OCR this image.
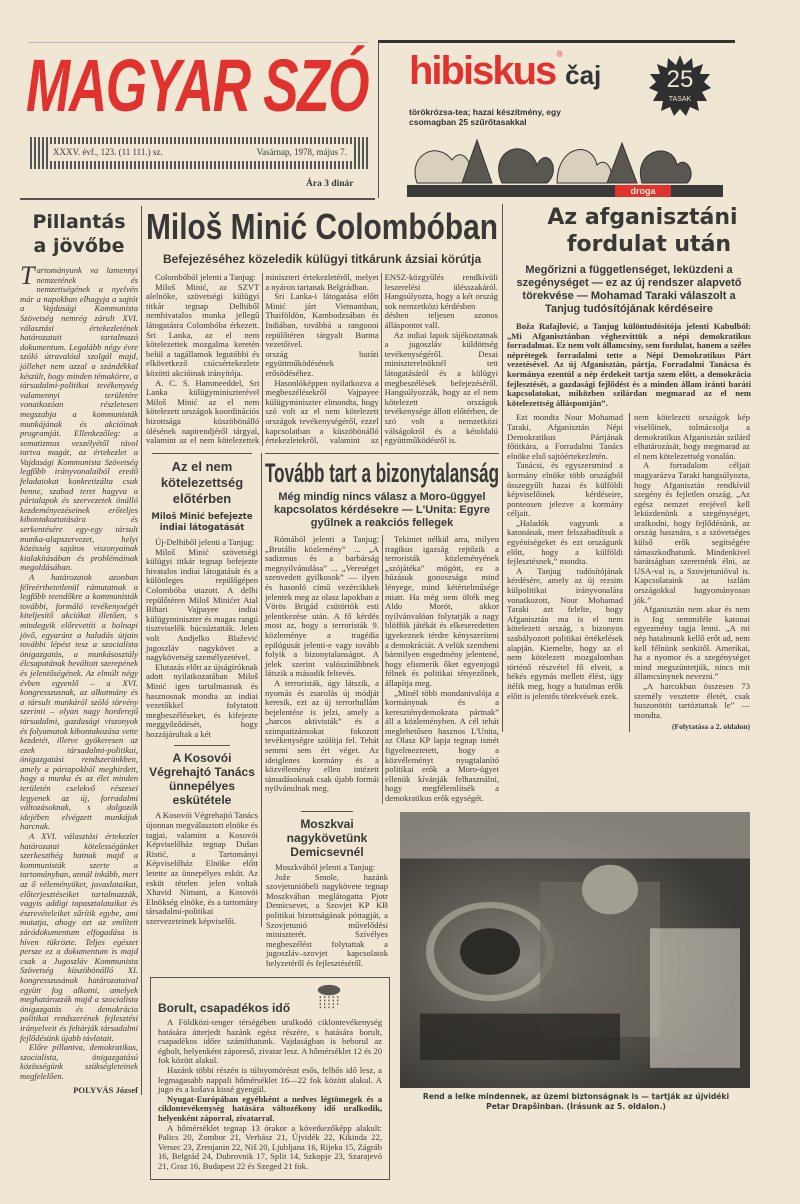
MAGYAR SZÓ
XXXV. évf., 123. (11 111.) sz.	Vasárnap, 1978, május 7.
Ára 3 dinár
hibiskus®čaj
törökrózsa-tea; hazai készítmény, egy csomagban 25 szűrőtasakkal
25
TASAK
droga
Pillantás
a jövőbe

Tartományunk va lamennyi nemzetének és nemzetiségének a nyelvén már a napokban elhagyja a sajtót a Vajdasági Kommunista Szövetség nemrég zárult XVI. választási értekezletének határozatait tartalmazó dokumentum. Legalább négy évre szóló útravalóul szolgál majd, jóllehet nem azzal a szándékkal készült, hogy minden témakörre, a társadalmi-politikai tevékenység valamennyi területére vonatkozóan részletesen megszabja a kommunisták munkájának és akcióinak programját. Ellenkezőleg: a sematizmus veszélyétől távol tartva magát, az értekezlet a Vajdasági Kommunista Szövetség legfőbb irányvonalaiból eredő feladatokat konkretizálta csak benne, szabad teret hagyva a pártalapok és szervezetek önálló kezdeményezéseinek erőteljes kibontakoztatására és serkentésére egy-egy társult munka-alapszervezet, helyi közösség sajátos viszonyainak kialakításában és problémáinak megoldásában.

A határozatok azonban félreérthetetlenül rámutatnak a legfőbb teendőkre a kommunisták további, formáló tevékenységét kiteljesítő akciókat illetően, s mindegyik előrevetíti a holnapi jövő, egyaránt a haladás útjain további lépést tesz a szocialista önigazgatás, a munkásosztály élcsapatának beváltott szerepének és jelentőségének. Az elmúlt négy évben egyenlő – a XVI. kongresszusnak, az alkotmány és a társult munkáról szóló törvény szerinti – olyan nagy horderejű társadalmi, gazdasági viszonyok és folyamatok kibontakozása vette kezdetét, illetve gyökeresen az ezek társadalmi-politikai, önigazgatási rendszerünkben, amely a pártapokból meghirdett, hogy a munka és az élet minden területén cselekvő részesei legyenek az új, forradalmi változásoknak, s dolgozók idejében elvégzett munkájuk harcnak.

A XVI. választási értekezlet határozatai kötelességünket szerkeszthég hatnak majd a kommunisták szerte a tartományban, annál inkább, mert az ő véleményüket, javaslataikat, előterjesztéseiket tartalmazzák, vagyis addigi tapasztalataikat és észrevételeiket sűrítik egybe, ami mutatja, ahogy ezt az említett záródokumentum elfogadása is híven tükrözte. Teljes egészet persze ez a dokumentum is majd csak a Jugoszláv Kommunista Szövetség küszöbönálló XI. kongresszusának határozataival együtt fog alkotni, amelyek meghatározzák majd a szocialista önigazgatás és demokrácia politikai rendszerének fejlesztési irányelveit és feltárják társadalmi fejlődésünk újabb távlatait.

Előre pillantva, demokratikus, szocialista, önigazgatású közösségünk szükségleteinek megfelelően.

POLYVÁS József
Miloš Minić Colombóban
Befejezéséhez közeledik külügyi titkárunk ázsiai körútja

Colombóból jelenti a Tanjug:

Miloš Minić, az SZVT alelnöke, szövetségi külügyi titkár tegnap Delhiből nemhivatalos munka jellegű látogatásra Colombóba érkezett. Sri Lanka, az el nem kötelezettek mozgalma keretén belül a tagállamok legutóbbi és elkövetkező csúcsértekezlete közötti akcióinak irányítója.

A. C. S. Hammeeddel, Sri Lanka külügyminiszterével Miloš Minić az el nem kötelezett országok koordinációs bizottsága küszöbönálló ülésének napirendjéről tárgyal, valamint az el nem kötelezettek miniszteri értekezletéről, melyet a nyáron tartanak Belgrádban.

Sri Lanka-i látogatása előtt Minić járt Vietnamban, Thaiföldön, Kambodzsában és Indiában, továbbá a rangooni repülőtéren tárgyalt Burma vezetőivel.

ország baráti együttműködésének erősödéséhez.

Hasonlóképpen nyilatkozva a megbeszélésekről Vajpayee külügyminiszter elmondta, hogy szó volt az el nem kötelezett országok tevékenységéről, ezzel kapcsolatban a küszöbönálló értekezletekről, valamint az ENSZ-közgyűlés rendkívüli leszerelési ülésszakáról. Hangsúlyozta, hogy a két ország sok nemzetközi kérdésben

désben teljesen azonos álláspontot vall.

Az indiai lapok tájékoztatnak a jugoszláv küldöttség tevékenységéről. Desai miniszterelnöknél tett látogatásáról és a külügyi megbeszélések befejezéséről. Hangsúlyozzák, hogy az el nem kötelezett országok tevékenysége állott előtérben, de szó volt a nemzetközi válságokról és a kétoldalú együttműködésről is.

Az el nem kötelezettség előtérben
Miloš Minić befejezte indiai látogatását

Új-Delhiből jelenti a Tanjug:

Miloš Minić szövetségi külügyi titkár tegnap befejezte hivatalos indiai látogatását és a különleges repülőgépen Colombóba utazott. A delhi repülőtéren Miloš Minićet Atal Bihari Vajpayee indiai külügyminiszter és magas rangú tisztviselők búcsúztatták. Jelen volt Andjelko Blažević jugoszláv nagykövet a nagykövetség személyzetével.

Elutazás előtt az újságíróknak adott nyilatkozatában Miloš Minić igen tartalmasnak és hasznosnak mondta az indiai vezetőkkel folytatott megbeszéléseket, és kifejezte meggyőződését, hogy hozzájárultak a két

A Kosovói Végrehajtó Tanács ünnepélyes eskütétele

A Kosovói Végrehajtó Tanács újonnan megválasztott elnöke és tagjai, valamint a Kosovói Képviselőház tegnap Dušan Ristić, a Tartományi Képviselőház Elnöke előtt letette az ünnepélyes esküt. Az esküt tételen jelen voltak Xhavid Nimani, a Kosovói Elnökség elnöke, és a tartomány társadalmi-politikai szervezeteinek képviselői.

Tovább tart a bizonytalanság
Még mindig nincs válasz a Moro-üggyel kapcsolatos kérdésekre — L'Unita: Egyre gyűlnek a reakciós fellegek

Rómából jelenti a Tanjug: „Brutális közlemény” ... „A sadizmus és a barbárság megnyilvánulása” ... „Vereséget szenvedett gyilkosok” — ilyen és hasonló című vezércikkek jelentek meg az olasz lapokban a Vörös Brigád csütörtök esti jelentkezése után. A fő kérdés most az, hogy a terroristák 9. közleménye a tragédia epilógusát jelenti-e vagy tovább folyik a bizonytalanságot. A jelek szerint valószínűbbnek látszik a második feltevés.

A terroristák, úgy látszik, a nyomás és zsarolás új módját keresik, ezt az új terrorhullám bejelentése is jelzi, amely a „harcos aktivisták” és a szimpatizánsokat fokozott tevékenységre szólítja fel. Tehát semmi sem ért véget. Az ideiglenes kormány és a közvélemény ellen intézett támadásoknak csak újabb formái nyilvánulnak meg.

Tekintet nélkül arra, milyen tragikus igazság rejtőzik a terroristák közleményének „szójátéka” mögött, ez a húzásuk gonoszsága mind lényege, mind kétértelműsége miatt. Ha még nem ölték meg Aldo Morót, akkor nyilvánvalóan folytatják a nagy blöffök játékát és elkeseredetten igyekeznek térdre kényszeríteni a demokráciát. A velük szembeni bármilyen engedmény jelentené, hogy elismerik őket egyenjogú félnek és politikai tényezőnek, állapítja meg.

„Minél több mondanivalója a kormánynak és a kereszténydemokrata pártnak” áll a közleményben. A cél tehát meglehetősen hasznos L'Unita, az Olasz KP lapja tegnap ismét figyelmeztetett, hogy a közvéleményt nyugtalanító politikai erők a Moro-ügyet ellenük kívánják felhasználni, hogy megfélemlítsék a demokratikus erők egységét.

Moszkvai nagykövetünk Demicsevnél

Moszkvából jelenti a Tanjug:

Jože Smole, hazánk szovjetunióbeli nagykövete tegnap Moszkvában meglátogatta Pjotr Demicsevet, a Szovjet KP KB politikai bizottságának póttagját, a Szovjetunió művelődési miniszterét. Szívélyes megbeszélést folytattak a jugoszláv–szovjet kapcsolatok helyzetéről és fejlesztéséről.

Borult, csapadékos idő

A Földközi-tenger térségében uralkodó ciklontevékenység hatására átterjedt hazánk egész részére, s hatására borult, csapadékos időre számíthatunk. Vajdaságban is beborul az égbolt, helyenként záporeső, zivatar lesz. A hőmérséklet 12 és 20 fok között alakul.

Hazánk többi részén is túlnyomórészt esős, felhős idő lesz, a legmagasabb nappali hőmérséklet 16—22 fok között alakul. A jugo és a košava kissé gyengül.

Nyugat-Európában egyébként a nedves légtömegek és a ciklontevékenység hatására változékony idő uralkodik, helyenként záporral, zivatarral.

A hőmérséklet tegnap 13 órakor a következőképp alakult: Palics 20, Zombor 21, Verbász 21, Újvidék 22, Kikinda 22, Versec 23, Zrenjanin 22, Niš 20, Ljubljana 16, Rijeka 15, Zágráb 16, Belgrád 24, Dubrovnik 17, Split 14, Szkopje 23, Szarajevó 21, Graz 16, Budapest 22 és Szeged 21 fok.

Az afganisztáni
fordulat után
Megőrizni a függetlenséget, leküzdeni a szegénységet — ez az új rendszer alapvető törekvése — Mohamad Taraki válaszolt a Tanjug tudósítójának kérdéseire
Boža Rafajlović, a Tanjug különtudósítója jelenti Kabulból: „Mi Afganisztánban véghezvittük a népi demokratikus forradalmat. Ez nem volt államcsíny, sem fordulat, hanem a széles néprétegek forradalmi tette a Népi Demokratikus Párt vezetésével. Az új Afganisztán, pártja, Forradalmi Tanácsa és kormánya ezentúl a nép érdekeit tartja szem előtt, a demokrácia fejlesztését, a gazdasági fejlődést és a minden állam iránti baráti kapcsolatokat, miközben szilárdan megmarad az el nem kötelezettség álláspontján”.

Ezt mondta Nour Mohamad Taraki, Afganisztán Népi Demokratikus Pártjának főtitkára, a Forradalmi Tanács elnöke első sajtóértekezletén.

Tanácsi, és egyszersmind a kormány elnöke több országból összegyűlt hazai és külföldi képviselőinek kérdéseire, ponteosen jelezve a kormány céljait.

„Haladók vagyunk a katonának, merr felszabadítsuk a egyéniségeket és ezt országunk előtt, hogy a külföldi fejlesztésnek,” mondta.

A Tanjug tudósítójának kérdésére, amely az új rezsim külpolitikai irányvonalára vonatkozott, Nour Mohamad Taraki azt felelte, hogy Afganisztán ma is el nem kötelezett ország, s bizonyos szabályozott politikai értékelések alapján. Kiemelte, hogy az el nem kötelezett mozgalomban történő részvétel fő elveit, a békés egymás mellett élést, úgy ítélik meg, hogy a hatalmas erők előtt is jelentős törekvések ezek.

nem kötelezett országok kép viselőinek, tolmácsolja a demokratikus Afganisztán szilárd elhatározását, hogy megmarad az el nem kötelezettség vonalán.

A forradalom céljait magyarázva Taraki hangsúlyozta, hogy Afganisztán rendkívül szegény és fejletlen ország. „Az egész nemzet erejével kell leküzdenünk a szegénységet, uralkodni, hogy fejlődésünk, az ország hasznára, s a szövetséges külső erők segítségére támaszkodhatunk. Mindenkivel barátságban szeretnénk élni, az USA-val is, a Szovjetunióval is. Kapcsolataink az iszlám országokkal hagyományosan jók.”

Afganisztán nem akar és nem is fog semmiféle katonai egyezmény tagja lenni. „A mi nép hatalmunk kellő erőt ad, nem kell félnünk senkitől. Amerikai, ha a nyomor és a szegénységet mind megszüntetjük, nincs mit államcsínynek nevezni.”

„A harcokban összesen 73 személy vesztette életét, csak huszonötöt tartóztattak le” — mondta.

(Folytatása a 2. oldalon)
Rend a lelke mindennek, az üzemi biztonságnak is — tartják az újvidéki
Petar Drapšinban. (Írásunk az 5. oldalon.)
